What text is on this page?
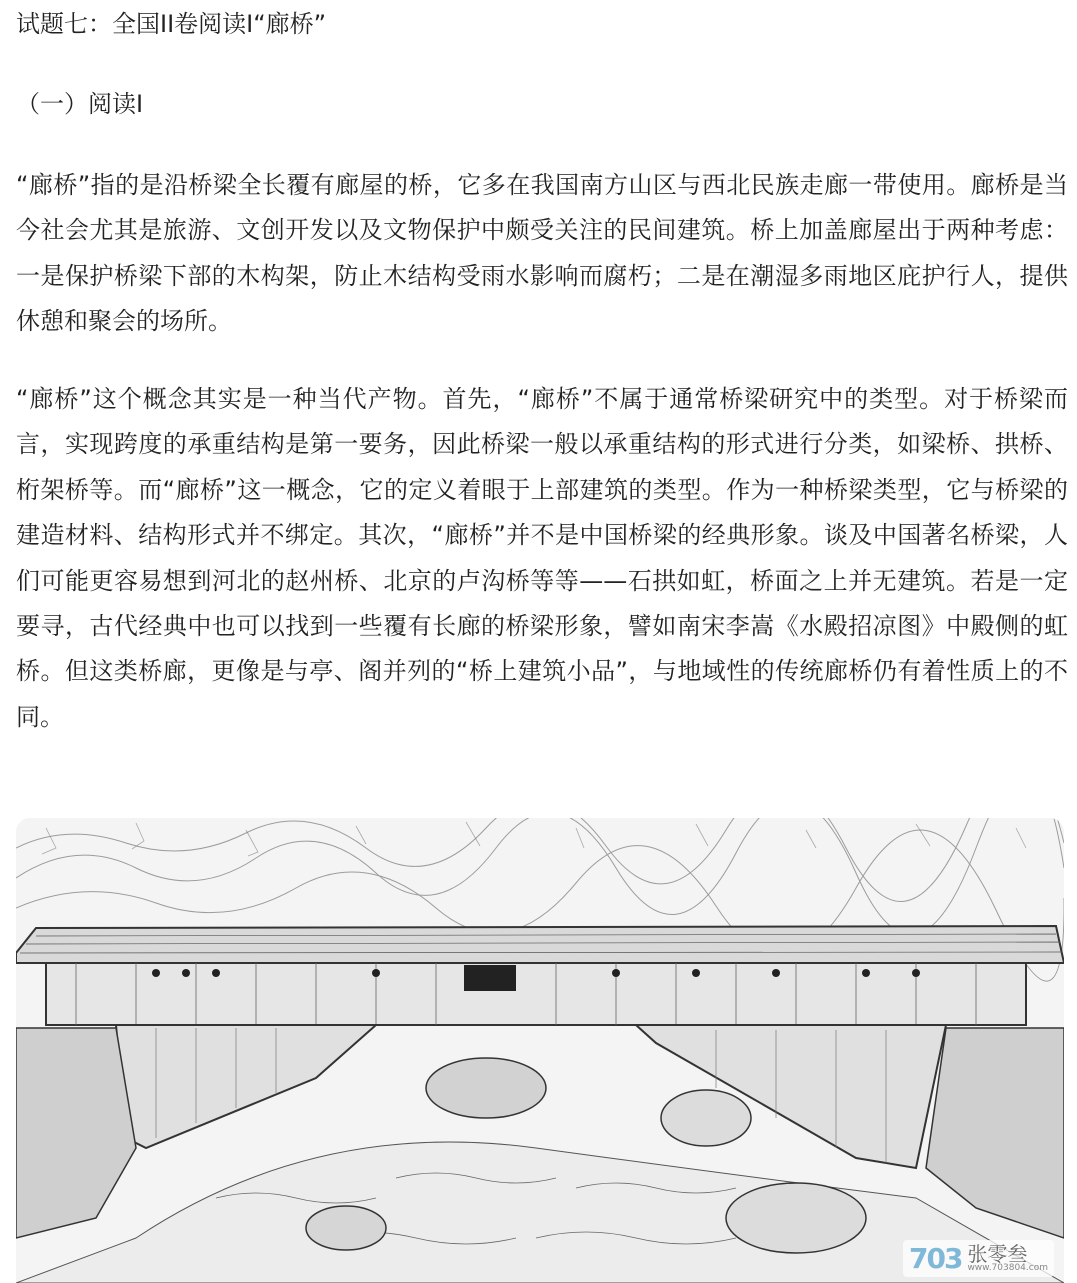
试题七：全国II卷阅读I“廊桥”
（一）阅读I

“廊桥”指的是沿桥梁全长覆有廊屋的桥，它多在我国南方山区与西北民族走廊一带使用。廊桥是当今社会尤其是旅游、文创开发以及文物保护中颇受关注的民间建筑。桥上加盖廊屋出于两种考虑：一是保护桥梁下部的木构架，防止木结构受雨水影响而腐朽；二是在潮湿多雨地区庇护行人，提供休憩和聚会的场所。

“廊桥”这个概念其实是一种当代产物。首先，“廊桥”不属于通常桥梁研究中的类型。对于桥梁而言，实现跨度的承重结构是第一要务，因此桥梁一般以承重结构的形式进行分类，如梁桥、拱桥、桁架桥等。而“廊桥”这一概念，它的定义着眼于上部建筑的类型。作为一种桥梁类型，它与桥梁的建造材料、结构形式并不绑定。其次，“廊桥”并不是中国桥梁的经典形象。谈及中国著名桥梁，人们可能更容易想到河北的赵州桥、北京的卢沟桥等等——石拱如虹，桥面之上并无建筑。若是一定要寻，古代经典中也可以找到一些覆有长廊的桥梁形象，譬如南宋李嵩《水殿招凉图》中殿侧的虹桥。但这类桥廊，更像是与亭、阁并列的“桥上建筑小品”，与地域性的传统廊桥仍有着性质上的不同。

703 张零叁
www.703804.com
